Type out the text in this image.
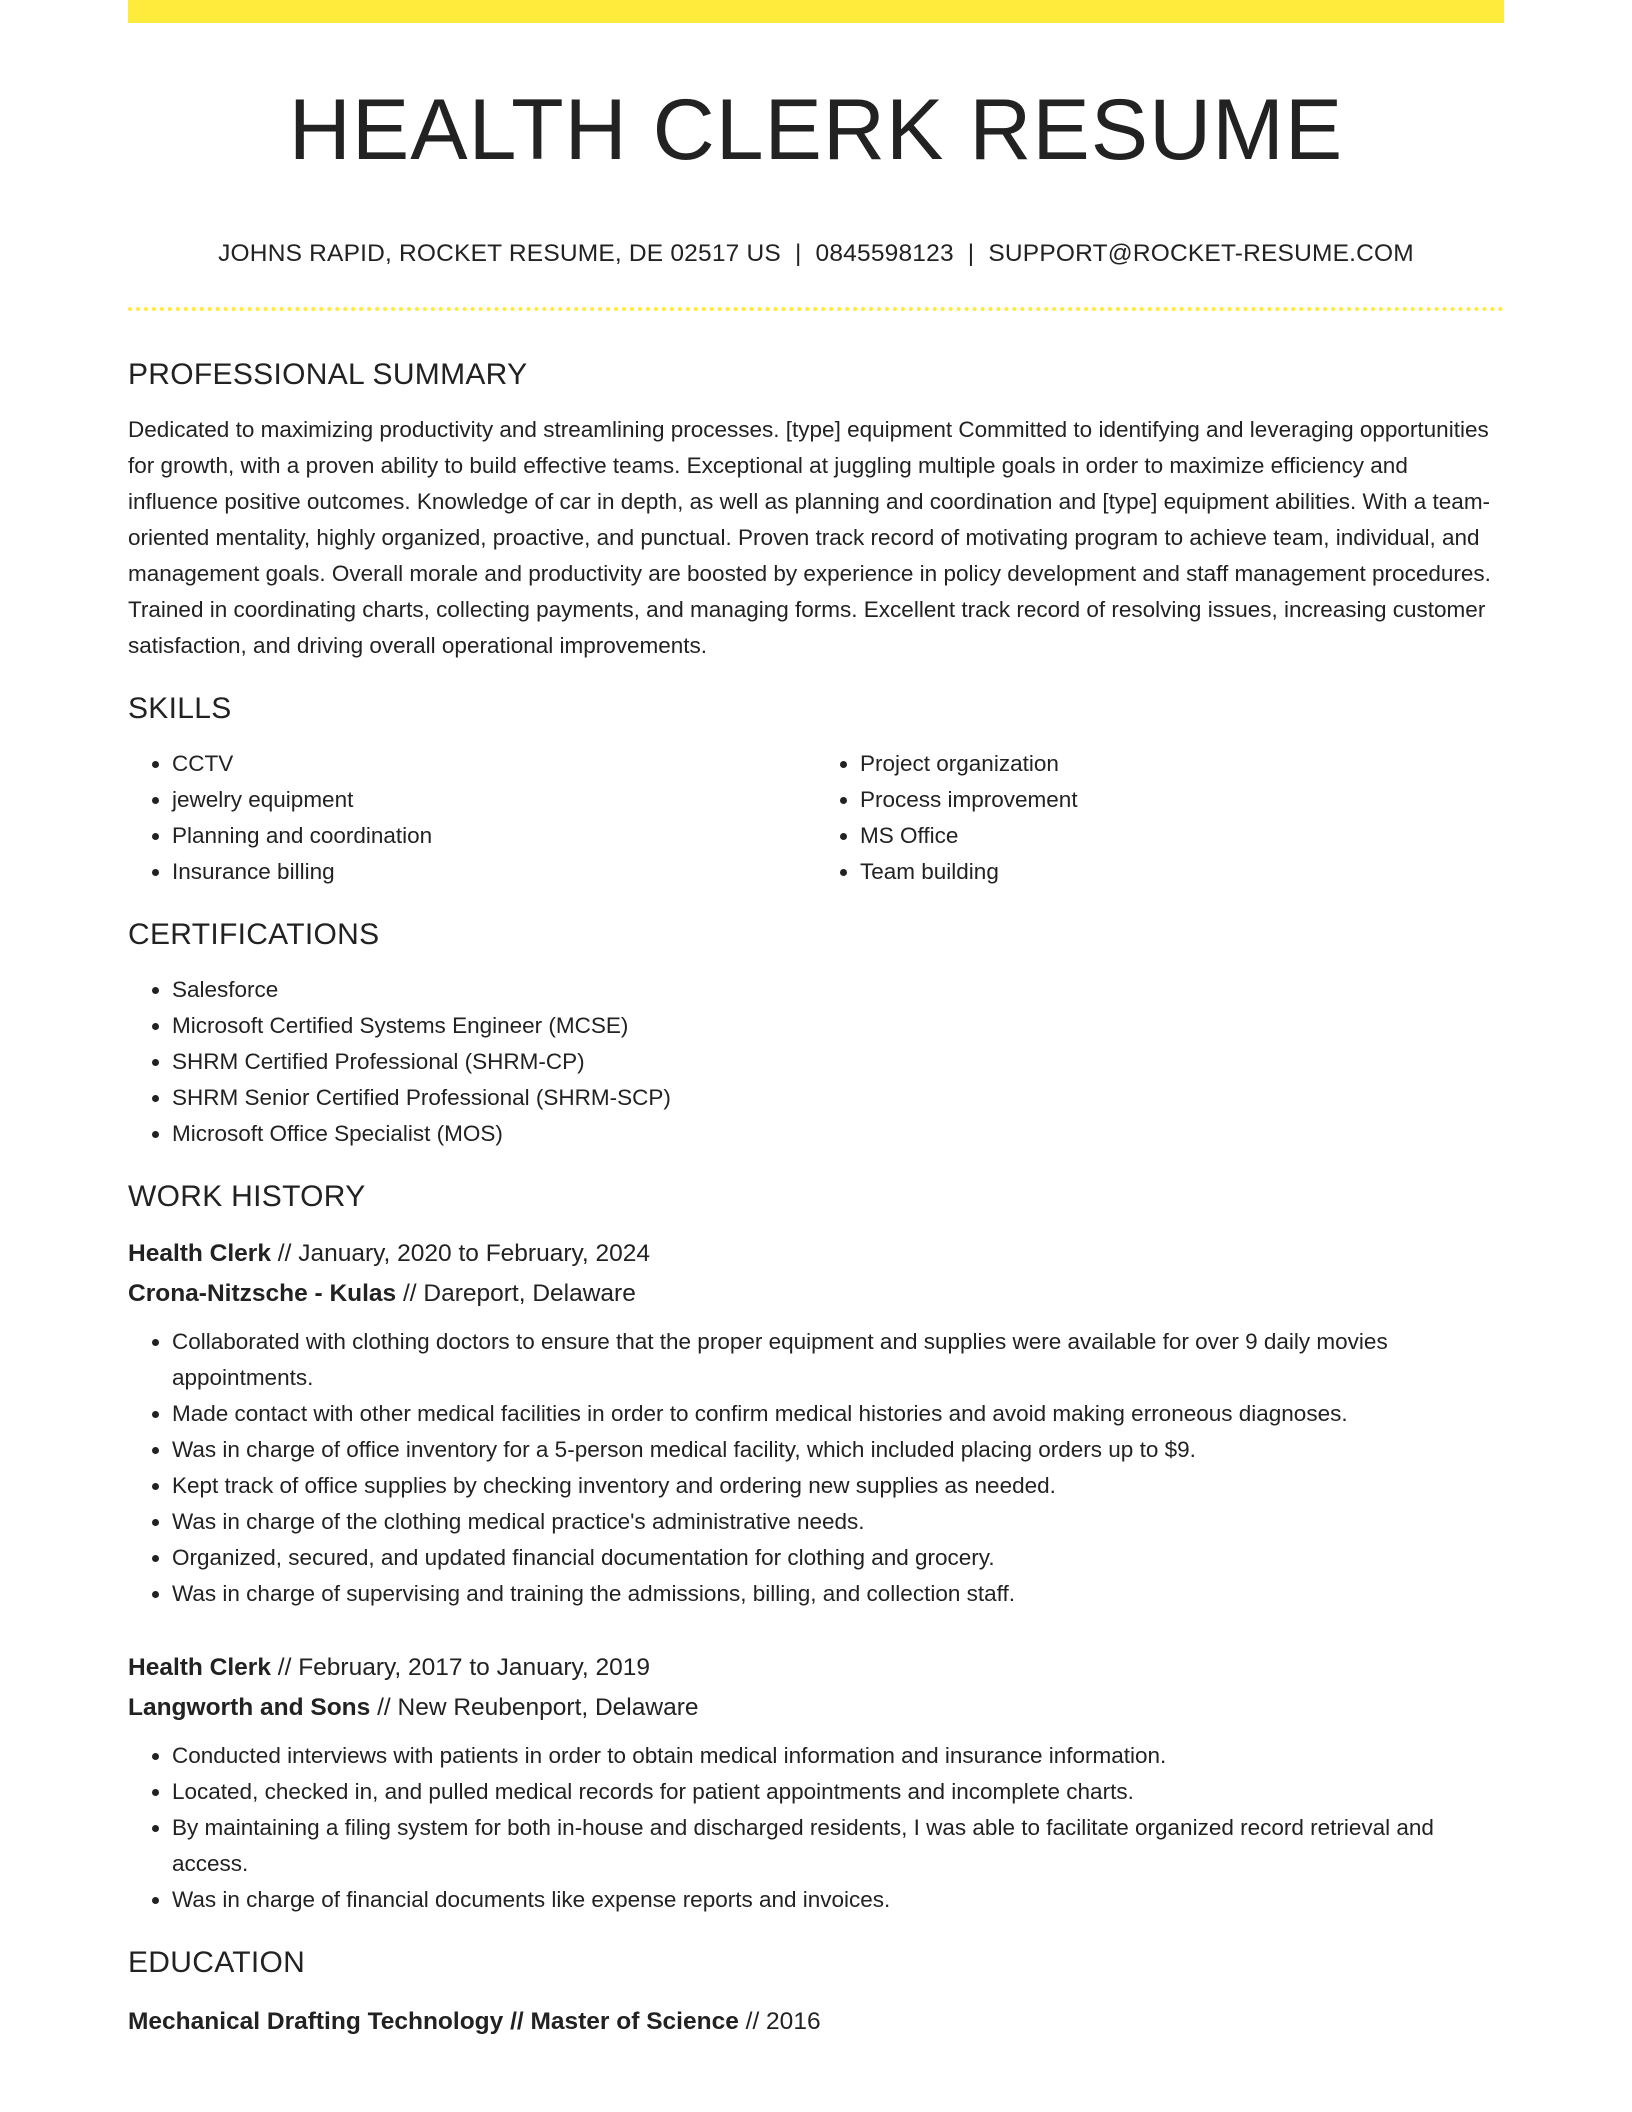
HEALTH CLERK RESUME
JOHNS RAPID, ROCKET RESUME, DE 02517 US | 0845598123 | SUPPORT@ROCKET-RESUME.COM
PROFESSIONAL SUMMARY

Dedicated to maximizing productivity and streamlining processes. [type] equipment Committed to identifying and leveraging opportunities for growth, with a proven ability to build effective teams. Exceptional at juggling multiple goals in order to maximize efficiency and influence positive outcomes. Knowledge of car in depth, as well as planning and coordination and [type] equipment abilities. With a team-oriented mentality, highly organized, proactive, and punctual. Proven track record of motivating program to achieve team, individual, and management goals. Overall morale and productivity are boosted by experience in policy development and staff management procedures. Trained in coordinating charts, collecting payments, and managing forms. Excellent track record of resolving issues, increasing customer satisfaction, and driving overall operational improvements.

SKILLS
• CCTV
• jewelry equipment
• Planning and coordination
• Insurance billing
• Project organization
• Process improvement
• MS Office
• Team building
CERTIFICATIONS
• Salesforce
• Microsoft Certified Systems Engineer (MCSE)
• SHRM Certified Professional (SHRM-CP)
• SHRM Senior Certified Professional (SHRM-SCP)
• Microsoft Office Specialist (MOS)
WORK HISTORY
Health Clerk // January, 2020 to February, 2024
Crona-Nitzsche - Kulas // Dareport, Delaware
• Collaborated with clothing doctors to ensure that the proper equipment and supplies were available for over 9 daily movies appointments.
• Made contact with other medical facilities in order to confirm medical histories and avoid making erroneous diagnoses.
• Was in charge of office inventory for a 5-person medical facility, which included placing orders up to $9.
• Kept track of office supplies by checking inventory and ordering new supplies as needed.
• Was in charge of the clothing medical practice's administrative needs.
• Organized, secured, and updated financial documentation for clothing and grocery.
• Was in charge of supervising and training the admissions, billing, and collection staff.
Health Clerk // February, 2017 to January, 2019
Langworth and Sons // New Reubenport, Delaware
• Conducted interviews with patients in order to obtain medical information and insurance information.
• Located, checked in, and pulled medical records for patient appointments and incomplete charts.
• By maintaining a filing system for both in-house and discharged residents, I was able to facilitate organized record retrieval and access.
• Was in charge of financial documents like expense reports and invoices.
EDUCATION
Mechanical Drafting Technology // Master of Science // 2016
